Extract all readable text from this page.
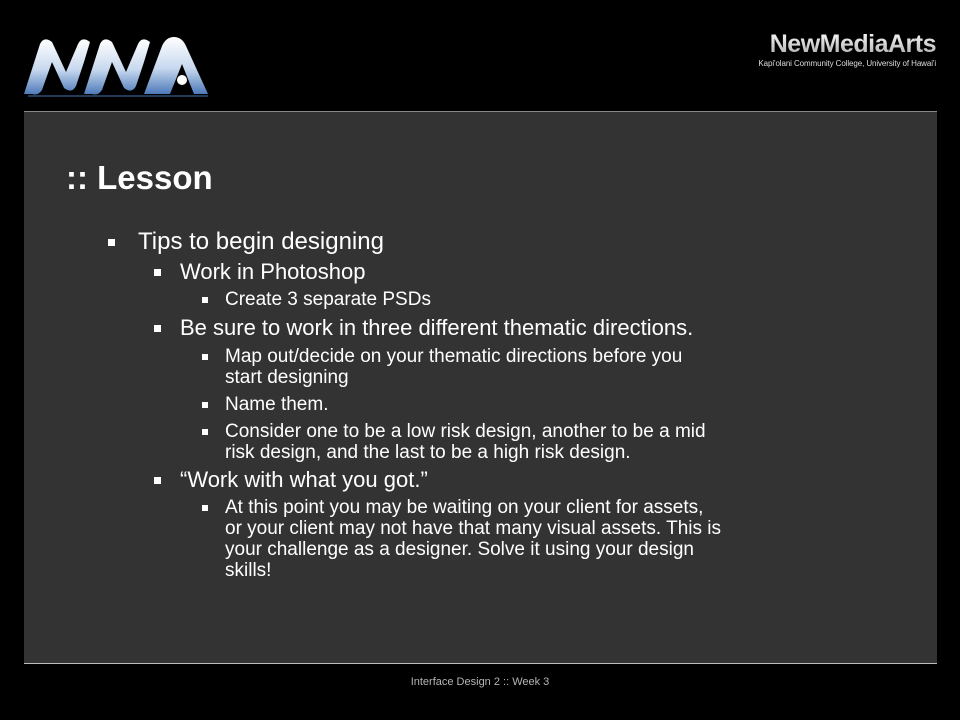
NewMediaArts
Kapi'olani Community College, University of Hawai'i
:: Lesson
Tips to begin designing
Work in Photoshop
Create 3 separate PSDs
Be sure to work in three different thematic directions.
Map out/decide on your thematic directions before you
start designing
Name them.
Consider one to be a low risk design, another to be a mid
risk design, and the last to be a high risk design.
“Work with what you got.”
At this point you may be waiting on your client for assets,
or your client may not have that many visual assets. This is
your challenge as a designer. Solve it using your design
skills!
Interface Design 2 :: Week 3
